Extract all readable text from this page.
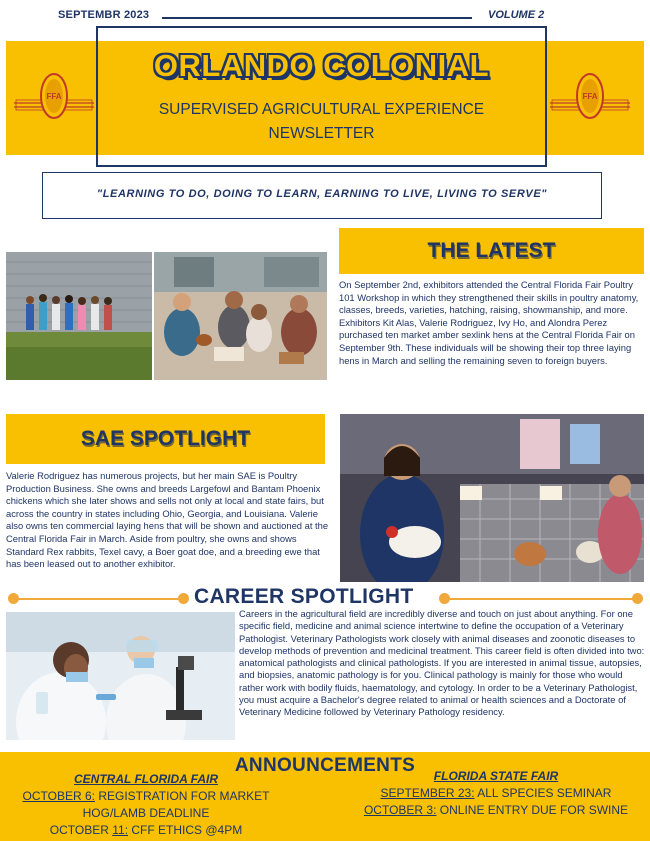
SEPTEMBR 2023	VOLUME 2
FFA	FFA
ORLANDO COLONIAL
SUPERVISED AGRICULTURAL EXPERIENCE
NEWSLETTER
"LEARNING TO DO, DOING TO LEARN, EARNING TO LIVE, LIVING TO SERVE"
THE LATEST
On September 2nd, exhibitors attended the Central Florida Fair Poultry 101 Workshop in which they strengthened their skills in poultry anatomy, classes, breeds, varieties, hatching, raising, showmanship, and more. Exhibitors Kit Alas, Valerie Rodriguez, Ivy Ho, and Alondra Perez purchased ten market amber sexlink hens at the Central Florida Fair on September 9th. These individuals will be showing their top three laying hens in March and selling the remaining seven to foreign buyers.
SAE SPOTLIGHT
Valerie Rodriguez has numerous projects, but her main SAE is Poultry Production Business. She owns and breeds Largefowl and Bantam Phoenix chickens which she later shows and sells not only at local and state fairs, but across the country in states including Ohio, Georgia, and Louisiana. Valerie also owns ten commercial laying hens that will be shown and auctioned at the Central Florida Fair in March. Aside from poultry, she owns and shows Standard Rex rabbits, Texel cavy, a Boer goat doe, and a breeding ewe that has been leased out to another exhibitor.
CAREER SPOTLIGHT
Careers in the agricultural field are incredibly diverse and touch on just about anything. For one specific field, medicine and animal science intertwine to define the occupation of a Veterinary Pathologist. Veterinary Pathologists work closely with animal diseases and zoonotic diseases to develop methods of prevention and medicinal treatment. This career field is often divided into two: anatomical pathologists and clinical pathologists. If you are interested in animal tissue, autopsies, and biopsies, anatomic pathology is for you. Clinical pathology is mainly for those who would rather work with bodily fluids, haematology, and cytology. In order to be a Veterinary Pathologist, you must acquire a Bachelor's degree related to animal or health sciences and a Doctorate of Veterinary Medicine followed by Veterinary Pathology residency.
ANNOUNCEMENTS
CENTRAL FLORIDA FAIR
OCTOBER 6: REGISTRATION FOR MARKET HOG/LAMB DEADLINE
OCTOBER 11: CFF ETHICS @4PM
FLORIDA STATE FAIR
SEPTEMBER 23: ALL SPECIES SEMINAR
OCTOBER 3: ONLINE ENTRY DUE FOR SWINE
